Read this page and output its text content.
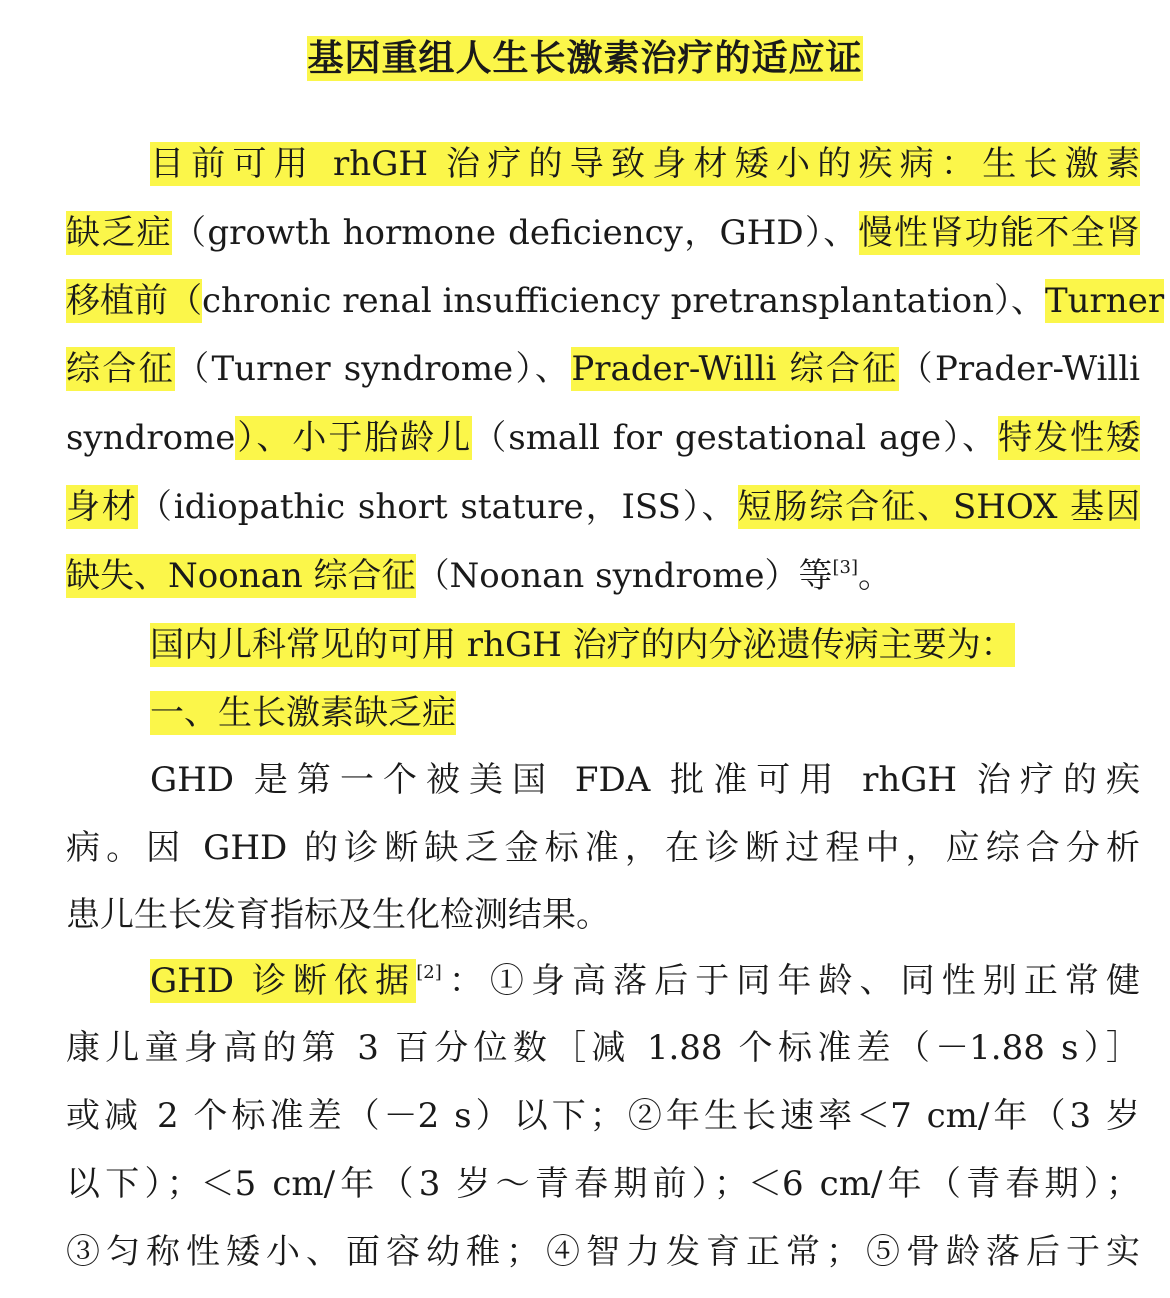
基因重组人生长激素治疗的适应证
目前可用 rhGH 治疗的导致身材矮小的疾病：生长激素
缺乏症（growth hormone deficiency，GHD）、慢性肾功能不全肾
移植前（chronic renal insufficiency pretransplantation）、Turner
综合征（Turner syndrome）、Prader-Willi 综合征（Prader-Willi
syndrome）、小于胎龄儿（small for gestational age）、特发性矮
身材（idiopathic short stature，ISS）、短肠综合征、SHOX 基因
缺失、Noonan 综合征（Noonan syndrome）等[3]。
国内儿科常见的可用 rhGH 治疗的内分泌遗传病主要为：
一、生长激素缺乏症
GHD 是第一个被美国 FDA 批准可用 rhGH 治疗的疾
病。因 GHD 的诊断缺乏金标准，在诊断过程中，应综合分析
患儿生长发育指标及生化检测结果。
GHD 诊断依据[2]：①身高落后于同年龄、同性别正常健
康儿童身高的第 3 百分位数［减 1.88 个标准差（－1.88 s）］
或减 2 个标准差（－2 s）以下；②年生长速率＜7 cm/年（3 岁
以下）；＜5 cm/年（3 岁～青春期前）；＜6 cm/年（青春期）；
③匀称性矮小、面容幼稚；④智力发育正常；⑤骨龄落后于实
